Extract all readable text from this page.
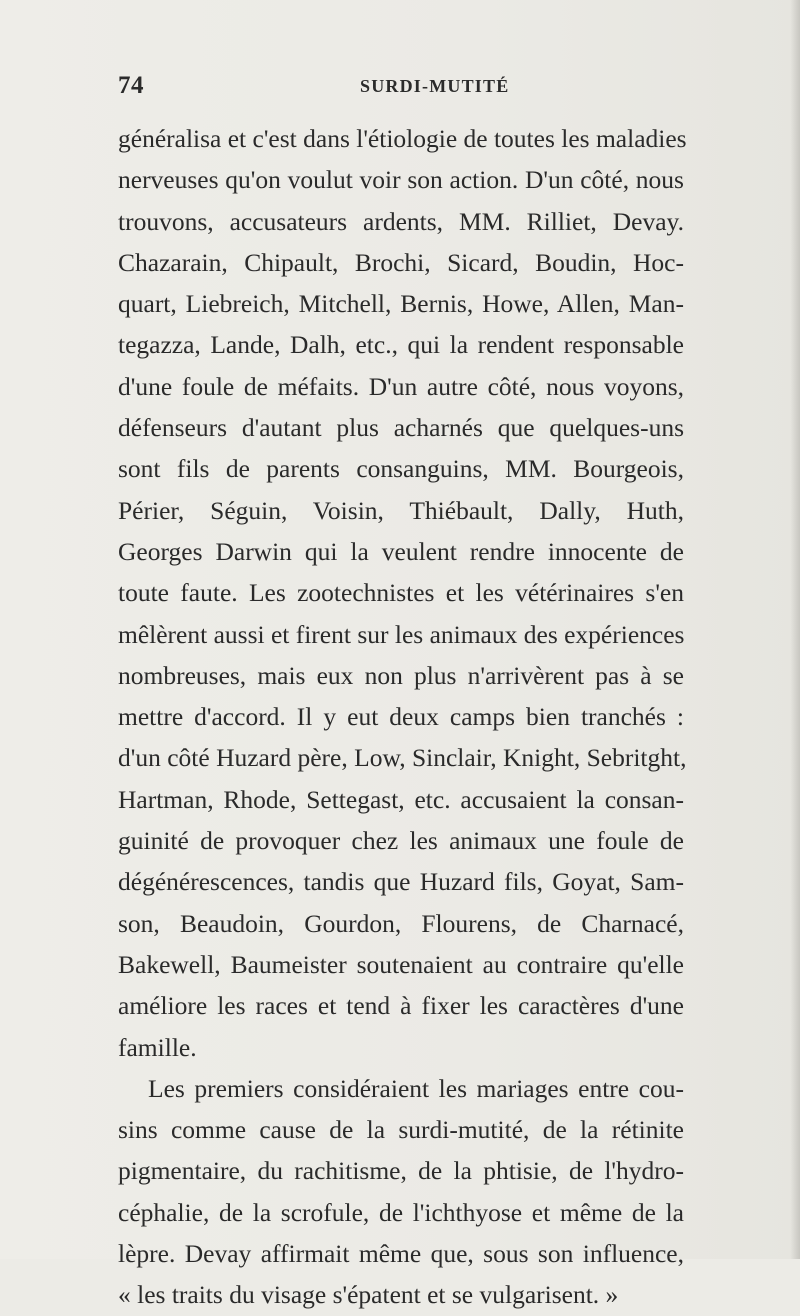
74	SURDI-MUTITÉ
généralisa et c'est dans l'étiologie de toutes les maladies
nerveuses qu'on voulut voir son action. D'un côté, nous
trouvons, accusateurs ardents, MM. Rilliet, Devay.
Chazarain, Chipault, Brochi, Sicard, Boudin, Hoc-
quart, Liebreich, Mitchell, Bernis, Howe, Allen, Man-
tegazza, Lande, Dalh, etc., qui la rendent responsable
d'une foule de méfaits. D'un autre côté, nous voyons,
défenseurs d'autant plus acharnés que quelques-uns
sont fils de parents consanguins, MM. Bourgeois,
Périer, Séguin, Voisin, Thiébault, Dally, Huth,
Georges Darwin qui la veulent rendre innocente de
toute faute. Les zootechnistes et les vétérinaires s'en
mêlèrent aussi et firent sur les animaux des expériences
nombreuses, mais eux non plus n'arrivèrent pas à se
mettre d'accord. Il y eut deux camps bien tranchés :
d'un côté Huzard père, Low, Sinclair, Knight, Sebritght,
Hartman, Rhode, Settegast, etc. accusaient la consan-
guinité de provoquer chez les animaux une foule de
dégénérescences, tandis que Huzard fils, Goyat, Sam-
son, Beaudoin, Gourdon, Flourens, de Charnacé,
Bakewell, Baumeister soutenaient au contraire qu'elle
améliore les races et tend à fixer les caractères d'une
famille.
Les premiers considéraient les mariages entre cou-
sins comme cause de la surdi-mutité, de la rétinite
pigmentaire, du rachitisme, de la phtisie, de l'hydro-
céphalie, de la scrofule, de l'ichthyose et même de la
lèpre. Devay affirmait même que, sous son influence,
« les traits du visage s'épatent et se vulgarisent. »
